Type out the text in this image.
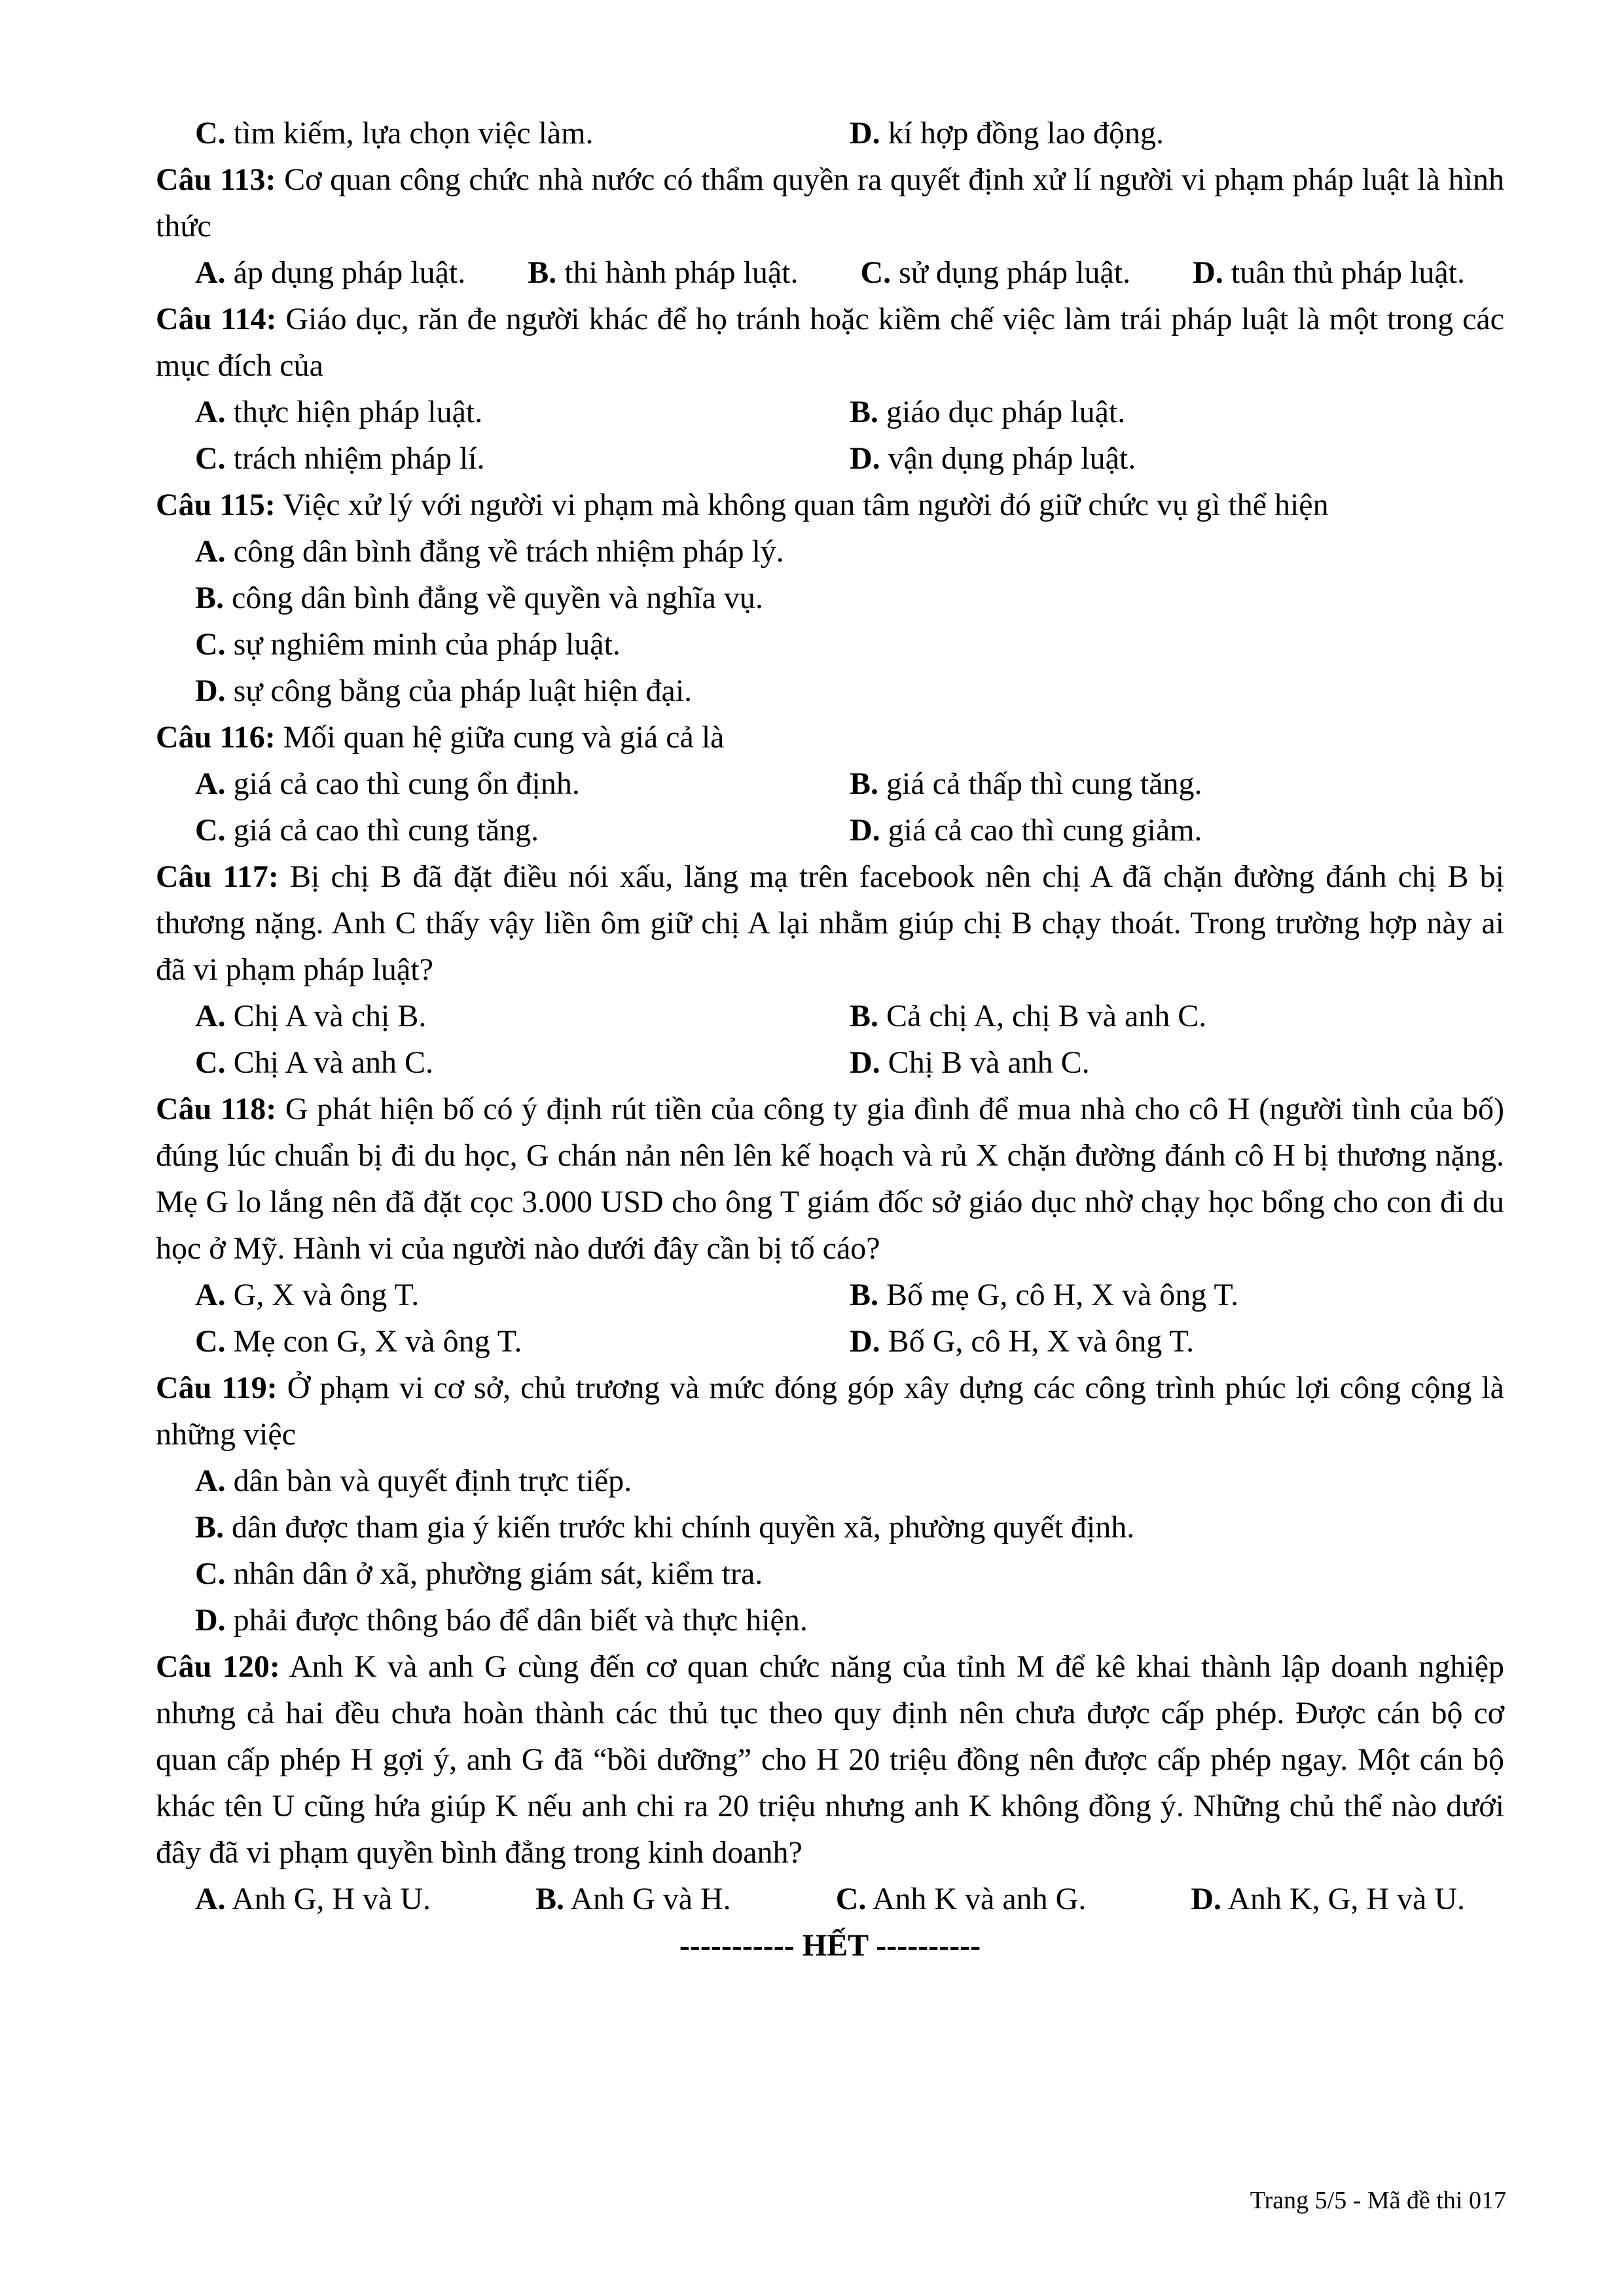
C. tìm kiếm, lựa chọn việc làm.	D. kí hợp đồng lao động.

Câu 113: Cơ quan công chức nhà nước có thẩm quyền ra quyết định xử lí người vi phạm pháp luật là hình thức

A. áp dụng pháp luật. B. thi hành pháp luật. C. sử dụng pháp luật. D. tuân thủ pháp luật.

Câu 114: Giáo dục, răn đe người khác để họ tránh hoặc kiềm chế việc làm trái pháp luật là một trong các mục đích của

A. thực hiện pháp luật.	B. giáo dục pháp luật.
C. trách nhiệm pháp lí.	D. vận dụng pháp luật.

Câu 115: Việc xử lý với người vi phạm mà không quan tâm người đó giữ chức vụ gì thể hiện

A. công dân bình đẳng về trách nhiệm pháp lý.
B. công dân bình đẳng về quyền và nghĩa vụ.
C. sự nghiêm minh của pháp luật.
D. sự công bằng của pháp luật hiện đại.

Câu 116: Mối quan hệ giữa cung và giá cả là

A. giá cả cao thì cung ổn định.	B. giá cả thấp thì cung tăng.
C. giá cả cao thì cung tăng.	D. giá cả cao thì cung giảm.

Câu 117: Bị chị B đã đặt điều nói xấu, lăng mạ trên facebook nên chị A đã chặn đường đánh chị B bị thương nặng. Anh C thấy vậy liền ôm giữ chị A lại nhằm giúp chị B chạy thoát. Trong trường hợp này ai đã vi phạm pháp luật?

A. Chị A và chị B.	B. Cả chị A, chị B và anh C.
C. Chị A và anh C.	D. Chị B và anh C.

Câu 118: G phát hiện bố có ý định rút tiền của công ty gia đình để mua nhà cho cô H (người tình của bố) đúng lúc chuẩn bị đi du học, G chán nản nên lên kế hoạch và rủ X chặn đường đánh cô H bị thương nặng. Mẹ G lo lắng nên đã đặt cọc 3.000 USD cho ông T giám đốc sở giáo dục nhờ chạy học bổng cho con đi du học ở Mỹ. Hành vi của người nào dưới đây cần bị tố cáo?

A. G, X và ông T.	B. Bố mẹ G, cô H, X và ông T.
C. Mẹ con G, X và ông T.	D. Bố G, cô H, X và ông T.

Câu 119: Ở phạm vi cơ sở, chủ trương và mức đóng góp xây dựng các công trình phúc lợi công cộng là những việc

A. dân bàn và quyết định trực tiếp.
B. dân được tham gia ý kiến trước khi chính quyền xã, phường quyết định.
C. nhân dân ở xã, phường giám sát, kiểm tra.
D. phải được thông báo để dân biết và thực hiện.

Câu 120: Anh K và anh G cùng đến cơ quan chức năng của tỉnh M để kê khai thành lập doanh nghiệp nhưng cả hai đều chưa hoàn thành các thủ tục theo quy định nên chưa được cấp phép. Được cán bộ cơ quan cấp phép H gợi ý, anh G đã “bồi dưỡng” cho H 20 triệu đồng nên được cấp phép ngay. Một cán bộ khác tên U cũng hứa giúp K nếu anh chi ra 20 triệu nhưng anh K không đồng ý. Những chủ thể nào dưới đây đã vi phạm quyền bình đẳng trong kinh doanh?

A. Anh G, H và U.	B. Anh G và H.	C. Anh K và anh G.	D. Anh K, G, H và U.
----------- HẾT ----------
Trang 5/5 - Mã đề thi 017
